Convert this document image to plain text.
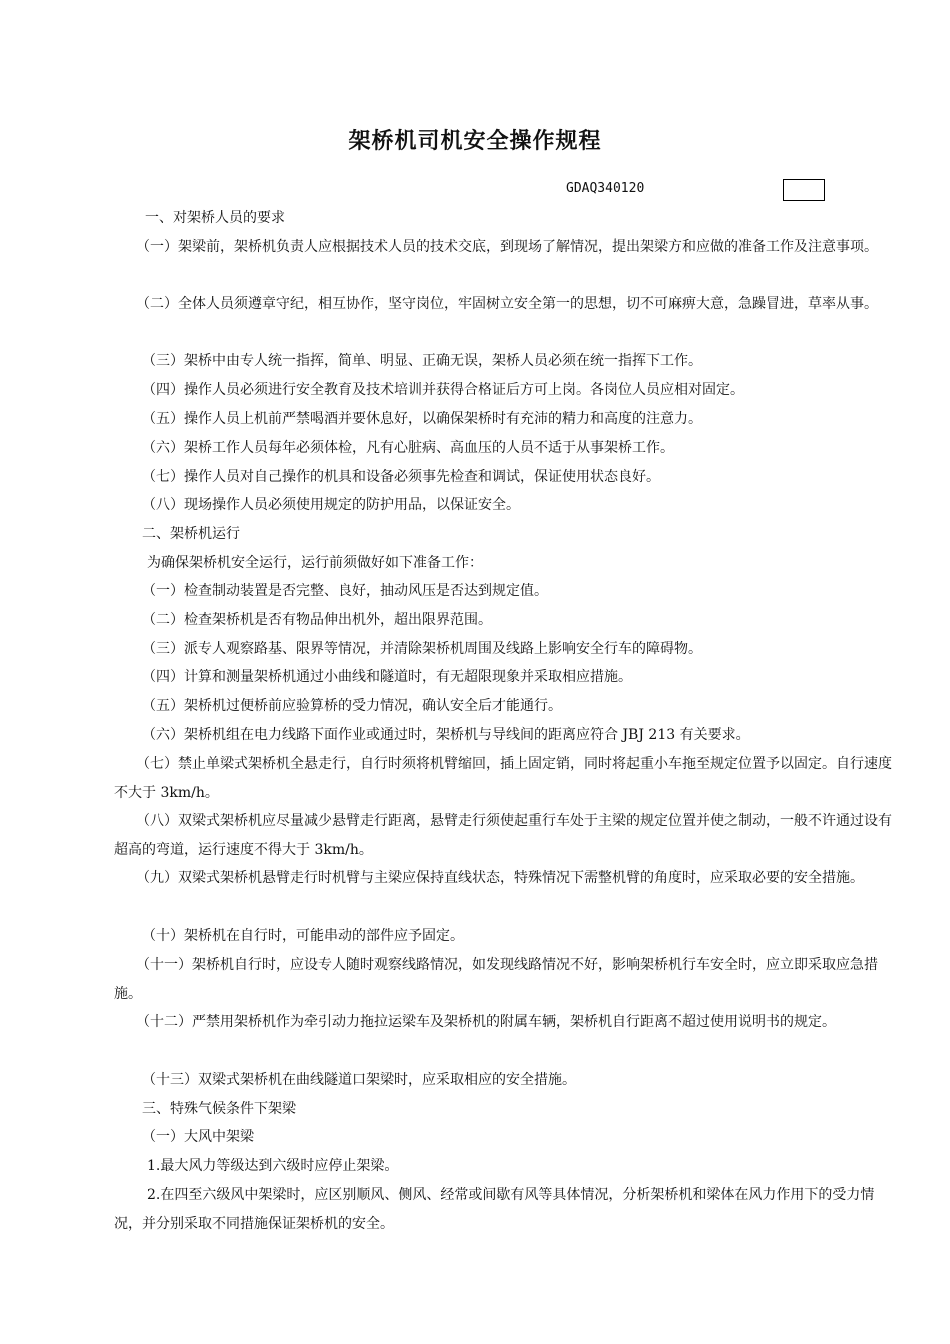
架桥机司机安全操作规程
GDAQ340120
一、对架桥人员的要求
（一）架梁前，架桥机负责人应根据技术人员的技术交底，到现场了解情况，提出架梁方和应做的准备工作及注意事项。
（二）全体人员须遵章守纪，相互协作，坚守岗位，牢固树立安全第一的思想，切不可麻痹大意，急躁冒进，草率从事。
（三）架桥中由专人统一指挥，简单、明显、正确无误，架桥人员必须在统一指挥下工作。
（四）操作人员必须进行安全教育及技术培训并获得合格证后方可上岗。各岗位人员应相对固定。
（五）操作人员上机前严禁喝酒并要休息好，以确保架桥时有充沛的精力和高度的注意力。
（六）架桥工作人员每年必须体检，凡有心脏病、高血压的人员不适于从事架桥工作。
（七）操作人员对自己操作的机具和设备必须事先检查和调试，保证使用状态良好。
（八）现场操作人员必须使用规定的防护用品，以保证安全。
二、架桥机运行
为确保架桥机安全运行，运行前须做好如下准备工作：
（一）检查制动装置是否完整、良好，抽动风压是否达到规定值。
（二）检查架桥机是否有物品伸出机外，超出限界范围。
（三）派专人观察路基、限界等情况，并清除架桥机周围及线路上影响安全行车的障碍物。
（四）计算和测量架桥机通过小曲线和隧道时，有无超限现象并采取相应措施。
（五）架桥机过便桥前应验算桥的受力情况，确认安全后才能通行。
（六）架桥机组在电力线路下面作业或通过时，架桥机与导线间的距离应符合 JBJ 213 有关要求。
（七）禁止单梁式架桥机全悬走行，自行时须将机臂缩回，插上固定销，同时将起重小车拖至规定位置予以固定。自行速度不大于 3km/h。
（八）双梁式架桥机应尽量减少悬臂走行距离，悬臂走行须使起重行车处于主梁的规定位置并使之制动，一般不许通过设有超高的弯道，运行速度不得大于 3km/h。
（九）双梁式架桥机悬臂走行时机臂与主梁应保持直线状态，特殊情况下需整机臂的角度时，应采取必要的安全措施。
（十）架桥机在自行时，可能串动的部件应予固定。
（十一）架桥机自行时，应设专人随时观察线路情况，如发现线路情况不好，影响架桥机行车安全时，应立即采取应急措施。
（十二）严禁用架桥机作为牵引动力拖拉运梁车及架桥机的附属车辆，架桥机自行距离不超过使用说明书的规定。
（十三）双梁式架桥机在曲线隧道口架梁时，应采取相应的安全措施。
三、特殊气候条件下架梁
（一）大风中架梁
1.最大风力等级达到六级时应停止架梁。
2.在四至六级风中架梁时，应区别顺风、侧风、经常或间歇有风等具体情况，分析架桥机和梁体在风力作用下的受力情况，并分别采取不同措施保证架桥机的安全。
